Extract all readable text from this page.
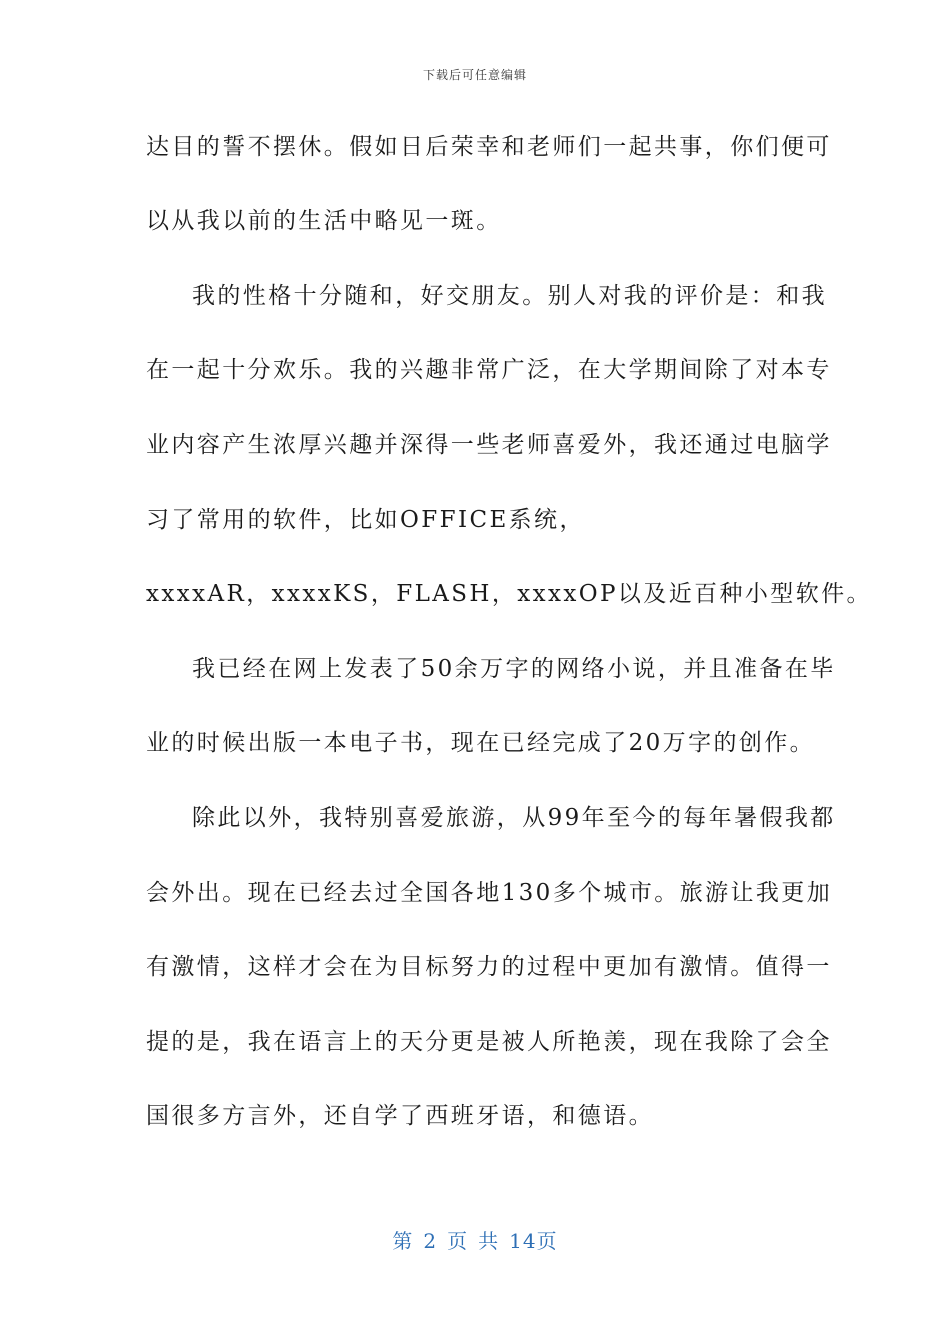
下载后可任意编辑
达目的誓不摆休。假如日后荣幸和老师们一起共事，你们便可
以从我以前的生活中略见一斑。
我的性格十分随和，好交朋友。别人对我的评价是：和我
在一起十分欢乐。我的兴趣非常广泛，在大学期间除了对本专
业内容产生浓厚兴趣并深得一些老师喜爱外，我还通过电脑学
习了常用的软件，比如OFFICE系统，
xxxxAR，xxxxKS，FLASH，xxxxOP以及近百种小型软件。
我已经在网上发表了50余万字的网络小说，并且准备在毕
业的时候出版一本电子书，现在已经完成了20万字的创作。
除此以外，我特别喜爱旅游，从99年至今的每年暑假我都
会外出。现在已经去过全国各地130多个城市。旅游让我更加
有激情，这样才会在为目标努力的过程中更加有激情。值得一
提的是，我在语言上的天分更是被人所艳羡，现在我除了会全
国很多方言外，还自学了西班牙语，和德语。
第 2 页 共 14页
